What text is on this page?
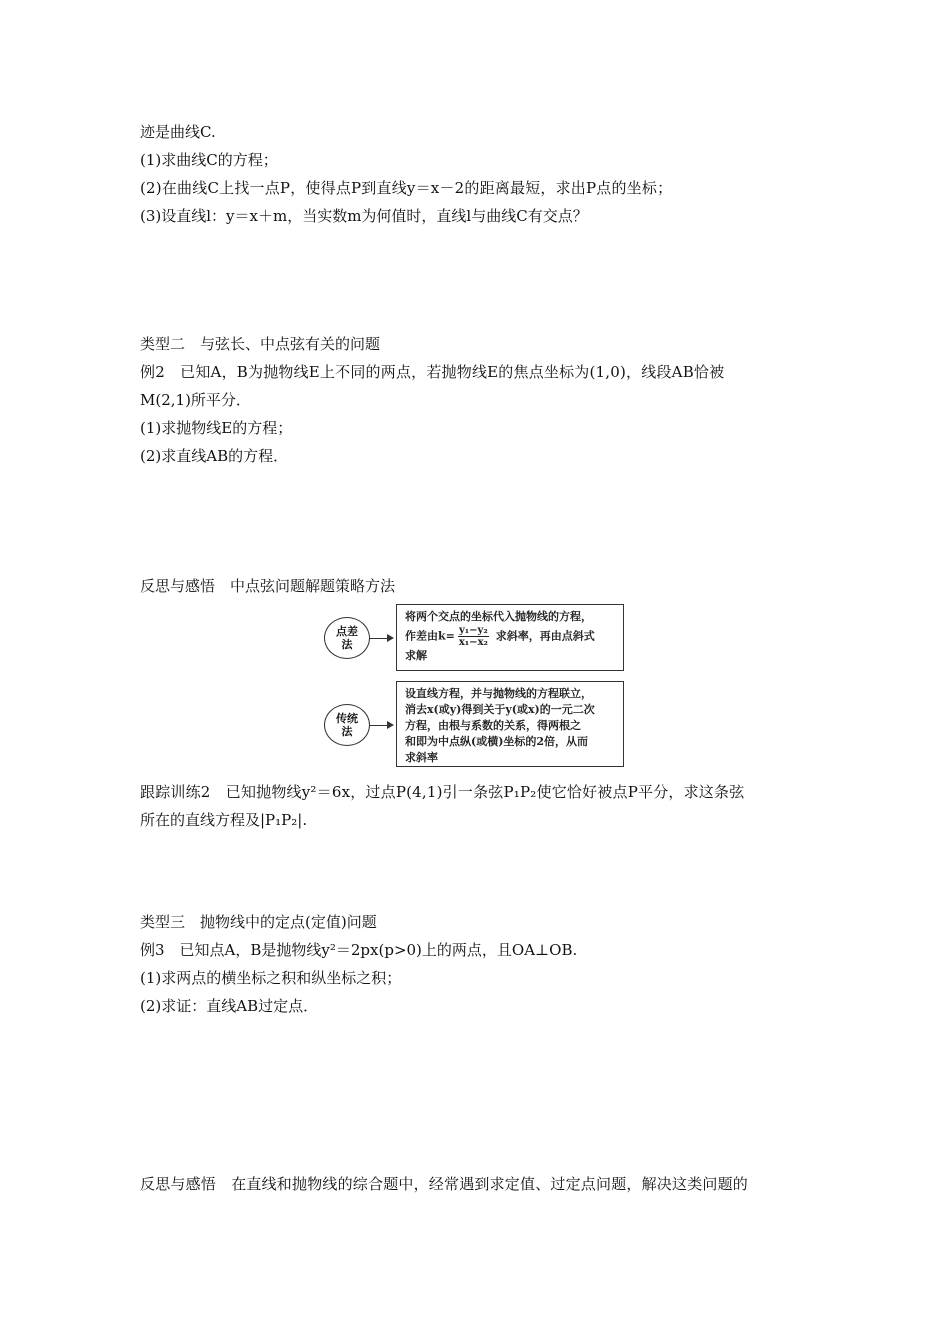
迹是曲线C.

(1)求曲线C的方程；

(2)在曲线C上找一点P，使得点P到直线y＝x－2的距离最短，求出P点的坐标；

(3)设直线l：y＝x＋m，当实数m为何值时，直线l与曲线C有交点？

类型二　与弦长、中点弦有关的问题

例2　已知A，B为抛物线E上不同的两点，若抛物线E的焦点坐标为(1,0)，线段AB恰被

M(2,1)所平分．

(1)求抛物线E的方程；

(2)求直线AB的方程．

反思与感悟　中点弦问题解题策略方法

点差法
将两个交点的坐标代入抛物线的方程，
作差由$k= \frac{\text{y₁−y₂}}{\text{x₁−x₂}}$ 求斜率，再由点斜式
求解
传统法
设直线方程，并与抛物线的方程联立，
消去x(或y)得到关于y(或x)的一元二次
方程，由根与系数的关系，得两根之
和即为中点纵(或横)坐标的2倍，从而
求斜率

跟踪训练2　已知抛物线y²＝6x，过点P(4,1)引一条弦P₁P₂使它恰好被点P平分，求这条弦

所在的直线方程及|P₁P₂|.

类型三　抛物线中的定点(定值)问题

例3　已知点A，B是抛物线y²＝2px(p>0)上的两点，且OA⊥OB.

(1)求两点的横坐标之积和纵坐标之积；

(2)求证：直线AB过定点．

反思与感悟　在直线和抛物线的综合题中，经常遇到求定值、过定点问题，解决这类问题的
